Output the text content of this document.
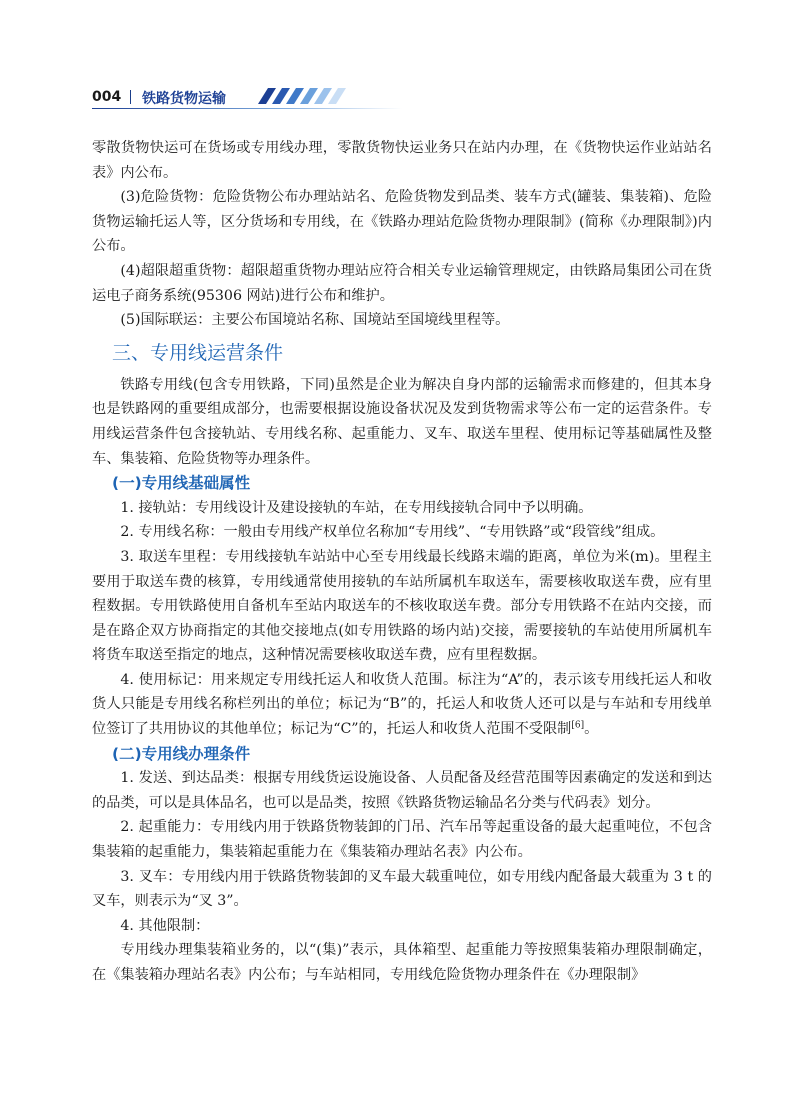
004 铁路货物运输

零散货物快运可在货场或专用线办理，零散货物快运业务只在站内办理，在《货物快运作业站站名表》内公布。

(3)危险货物：危险货物公布办理站站名、危险货物发到品类、装车方式(罐装、集装箱)、危险货物运输托运人等，区分货场和专用线，在《铁路办理站危险货物办理限制》(简称《办理限制》)内公布。

(4)超限超重货物：超限超重货物办理站应符合相关专业运输管理规定，由铁路局集团公司在货运电子商务系统(95306 网站)进行公布和维护。

(5)国际联运：主要公布国境站名称、国境站至国境线里程等。

三、专用线运营条件

铁路专用线(包含专用铁路，下同)虽然是企业为解决自身内部的运输需求而修建的，但其本身也是铁路网的重要组成部分，也需要根据设施设备状况及发到货物需求等公布一定的运营条件。专用线运营条件包含接轨站、专用线名称、起重能力、叉车、取送车里程、使用标记等基础属性及整车、集装箱、危险货物等办理条件。

(一)专用线基础属性

1. 接轨站：专用线设计及建设接轨的车站，在专用线接轨合同中予以明确。

2. 专用线名称：一般由专用线产权单位名称加“专用线”、“专用铁路”或“段管线”组成。

3. 取送车里程：专用线接轨车站站中心至专用线最长线路末端的距离，单位为米(m)。里程主要用于取送车费的核算，专用线通常使用接轨的车站所属机车取送车，需要核收取送车费，应有里程数据。专用铁路使用自备机车至站内取送车的不核收取送车费。部分专用铁路不在站内交接，而是在路企双方协商指定的其他交接地点(如专用铁路的场内站)交接，需要接轨的车站使用所属机车将货车取送至指定的地点，这种情况需要核收取送车费，应有里程数据。

4. 使用标记：用来规定专用线托运人和收货人范围。标注为“A”的，表示该专用线托运人和收货人只能是专用线名称栏列出的单位；标记为“B”的，托运人和收货人还可以是与车站和专用线单位签订了共用协议的其他单位；标记为“C”的，托运人和收货人范围不受限制[6]。

(二)专用线办理条件

1. 发送、到达品类：根据专用线货运设施设备、人员配备及经营范围等因素确定的发送和到达的品类，可以是具体品名，也可以是品类，按照《铁路货物运输品名分类与代码表》划分。

2. 起重能力：专用线内用于铁路货物装卸的门吊、汽车吊等起重设备的最大起重吨位，不包含集装箱的起重能力，集装箱起重能力在《集装箱办理站名表》内公布。

3. 叉车：专用线内用于铁路货物装卸的叉车最大载重吨位，如专用线内配备最大载重为 3 t 的叉车，则表示为“叉 3”。

4. 其他限制：

专用线办理集装箱业务的，以“(集)”表示，具体箱型、起重能力等按照集装箱办理限制确定，在《集装箱办理站名表》内公布；与车站相同，专用线危险货物办理条件在《办理限制》
